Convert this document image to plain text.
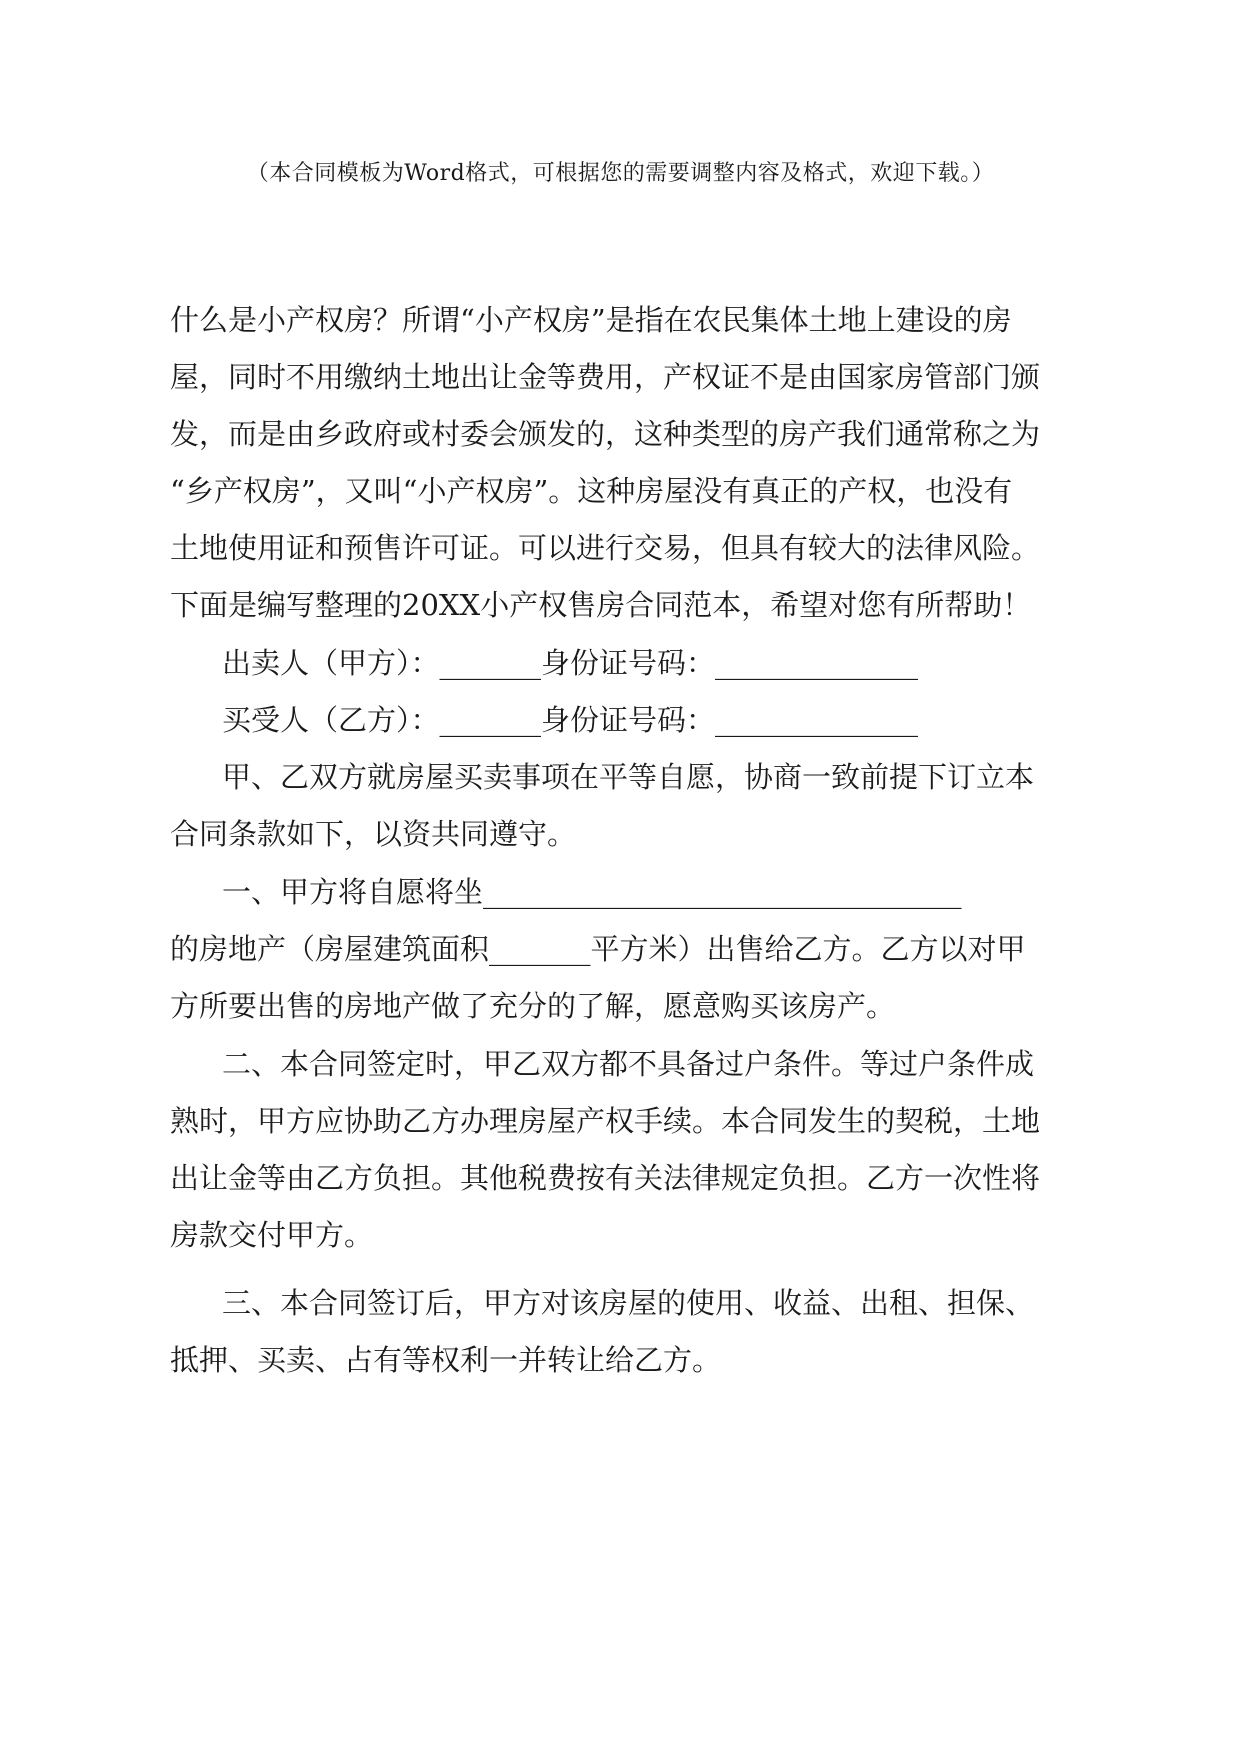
（本合同模板为Word格式，可根据您的需要调整内容及格式，欢迎下载。）

什么是小产权房？所谓“小产权房”是指在农民集体土地上建设的房

屋，同时不用缴纳土地出让金等费用，产权证不是由国家房管部门颁

发，而是由乡政府或村委会颁发的，这种类型的房产我们通常称之为

“乡产权房”，又叫“小产权房”。这种房屋没有真正的产权，也没有

土地使用证和预售许可证。可以进行交易，但具有较大的法律风险。

下面是编写整理的20XX小产权售房合同范本，希望对您有所帮助！

出卖人（甲方）：_______身份证号码：______________

买受人（乙方）：_______身份证号码：______________

甲、乙双方就房屋买卖事项在平等自愿，协商一致前提下订立本

合同条款如下，以资共同遵守。

一、甲方将自愿将坐_________________________________

的房地产（房屋建筑面积_______平方米）出售给乙方。乙方以对甲

方所要出售的房地产做了充分的了解，愿意购买该房产。

二、本合同签定时，甲乙双方都不具备过户条件。等过户条件成

熟时，甲方应协助乙方办理房屋产权手续。本合同发生的契税，土地

出让金等由乙方负担。其他税费按有关法律规定负担。乙方一次性将

房款交付甲方。

三、本合同签订后，甲方对该房屋的使用、收益、出租、担保、

抵押、买卖、占有等权利一并转让给乙方。
